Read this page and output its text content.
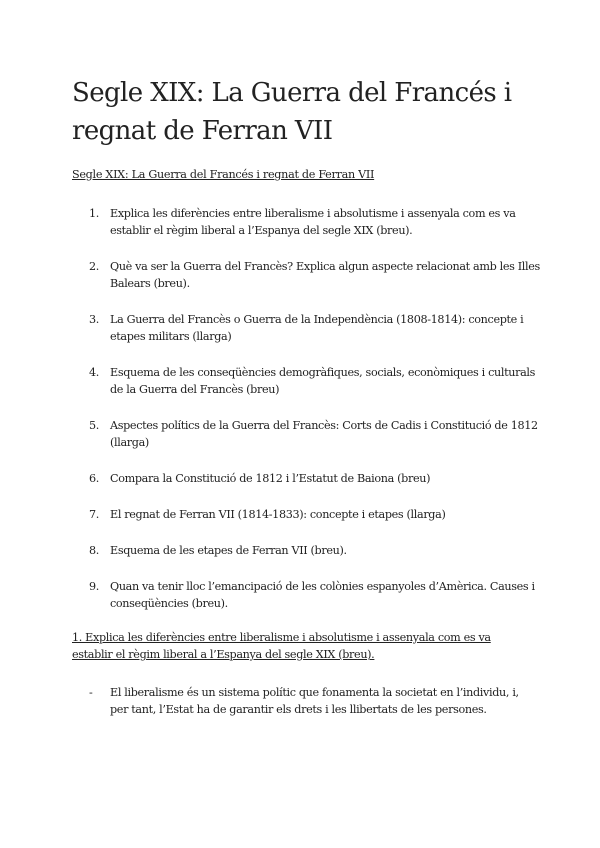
Segle XIX: La Guerra del Francés i regnat de Ferran VII

Segle XIX: La Guerra del Francés i regnat de Ferran VII

1. Explica les diferències entre liberalisme i absolutisme i assenyala com es va establir el règim liberal a l’Espanya del segle XIX (breu).
2. Què va ser la Guerra del Francès? Explica algun aspecte relacionat amb les Illes Balears (breu).
3. La Guerra del Francès o Guerra de la Independència (1808-1814): concepte i etapes militars (llarga)
4. Esquema de les conseqüències demogràfiques, socials, econòmiques i culturals de la Guerra del Francès (breu)
5. Aspectes polítics de la Guerra del Francès: Corts de Cadis i Constitució de 1812 (llarga)
6. Compara la Constitució de 1812 i l’Estatut de Baiona (breu)
7. El regnat de Ferran VII (1814-1833): concepte i etapes (llarga)
8. Esquema de les etapes de Ferran VII (breu).
9. Quan va tenir lloc l’emancipació de les colònies espanyoles d’Amèrica. Causes i conseqüències (breu).

1. Explica les diferències entre liberalisme i absolutisme i assenyala com es va establir el règim liberal a l’Espanya del segle XIX (breu).

- El liberalisme és un sistema polític que fonamenta la societat en l’individu, i, per tant, l’Estat ha de garantir els drets i les llibertats de les persones.
